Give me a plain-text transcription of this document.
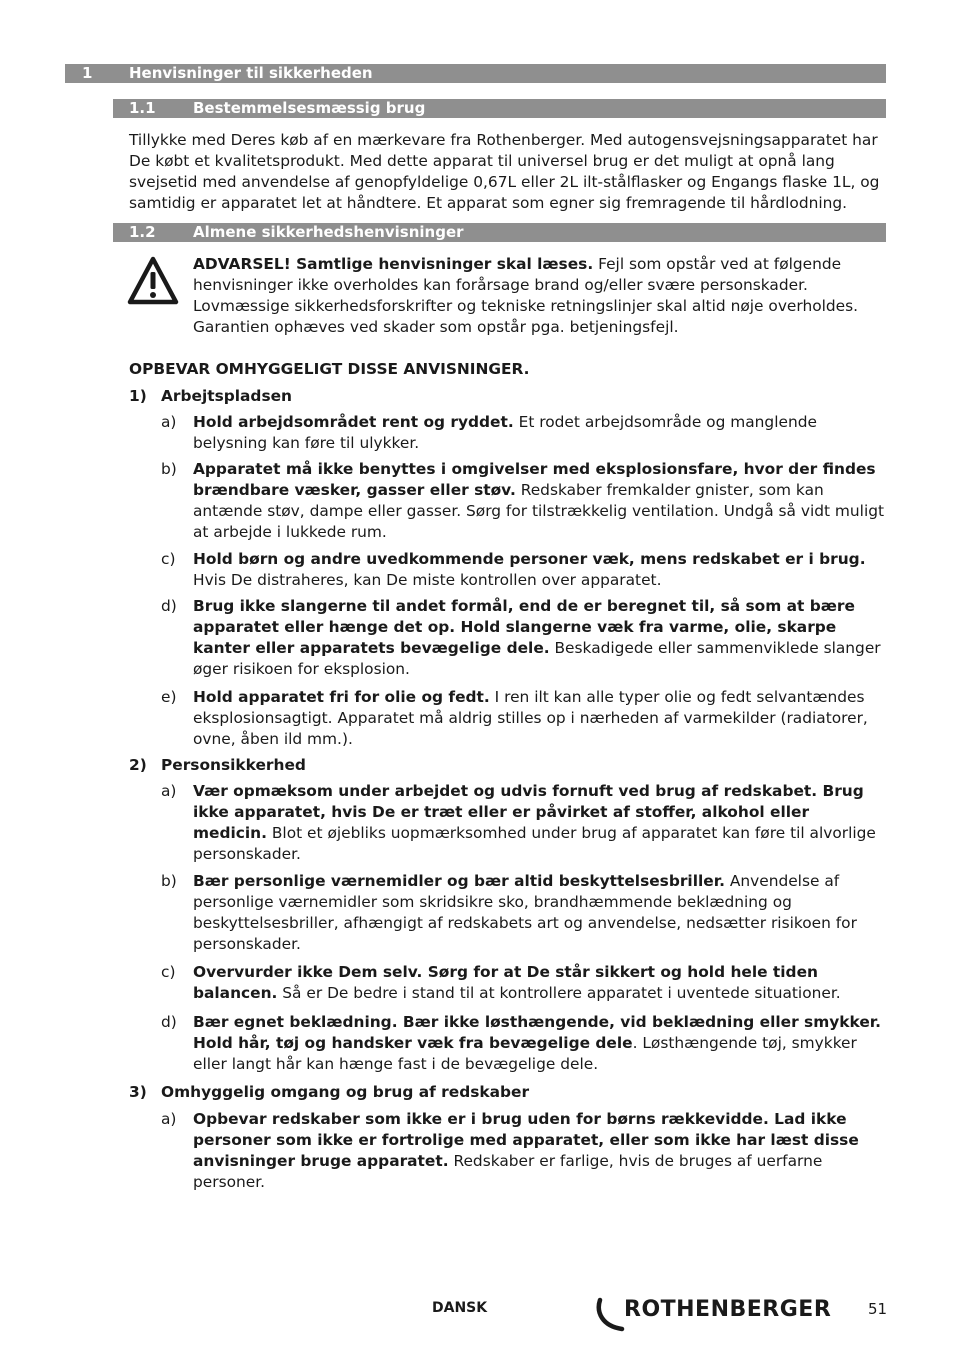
1 Henvisninger til sikkerheden
1.1 Bestemmelsesmæssig brug
Tillykke med Deres køb af en mærkevare fra Rothenberger. Med autogensvejsningsapparatet har De købt et kvalitetsprodukt. Med dette apparat til universel brug er det muligt at opnå lang svejsetid med anvendelse af genopfyldelige 0,67L eller 2L ilt-stålflasker og Engangs flaske 1L, og samtidig er apparatet let at håndtere. Et apparat som egner sig fremragende til hårdlodning.
1.2 Almene sikkerhedshenvisninger
ADVARSEL! Samtlige henvisninger skal læses. Fejl som opstår ved at følgende henvisninger ikke overholdes kan forårsage brand og/eller svære personskader. Lovmæssige sikkerhedsforskrifter og tekniske retningslinjer skal altid nøje overholdes. Garantien ophæves ved skader som opstår pga. betjeningsfejl.
OPBEVAR OMHYGGELIGT DISSE ANVISNINGER.
1) Arbejtspladsen
a) Hold arbejdsområdet rent og ryddet. Et rodet arbejdsområde og manglende belysning kan føre til ulykker.
b) Apparatet må ikke benyttes i omgivelser med eksplosionsfare, hvor der findes brændbare væsker, gasser eller støv. Redskaber fremkalder gnister, som kan antænde støv, dampe eller gasser. Sørg for tilstrækkelig ventilation. Undgå så vidt muligt at arbejde i lukkede rum.
c) Hold børn og andre uvedkommende personer væk, mens redskabet er i brug. Hvis De distraheres, kan De miste kontrollen over apparatet.
d) Brug ikke slangerne til andet formål, end de er beregnet til, så som at bære apparatet eller hænge det op. Hold slangerne væk fra varme, olie, skarpe kanter eller apparatets bevægelige dele. Beskadigede eller sammenviklede slanger øger risikoen for eksplosion.
e) Hold apparatet fri for olie og fedt. I ren ilt kan alle typer olie og fedt selvantændes eksplosionsagtigt. Apparatet må aldrig stilles op i nærheden af varmekilder (radiatorer, ovne, åben ild mm.).
2) Personsikkerhed
a) Vær opmæksom under arbejdet og udvis fornuft ved brug af redskabet. Brug ikke apparatet, hvis De er træt eller er påvirket af stoffer, alkohol eller medicin. Blot et øjebliks uopmærksomhed under brug af apparatet kan føre til alvorlige personskader.
b) Bær personlige værnemidler og bær altid beskyttelsesbriller. Anvendelse af personlige værnemidler som skridsikre sko, brandhæmmende beklædning og beskyttelsesbriller, afhængigt af redskabets art og anvendelse, nedsætter risikoen for personskader.
c) Overvurder ikke Dem selv. Sørg for at De står sikkert og hold hele tiden balancen. Så er De bedre i stand til at kontrollere apparatet i uventede situationer.
d) Bær egnet beklædning. Bær ikke løsthængende, vid beklædning eller smykker. Hold hår, tøj og handsker væk fra bevægelige dele. Løsthængende tøj, smykker eller langt hår kan hænge fast i de bevægelige dele.
3) Omhyggelig omgang og brug af redskaber
a) Opbevar redskaber som ikke er i brug uden for børns rækkevidde. Lad ikke personer som ikke er fortrolige med apparatet, eller som ikke har læst disse anvisninger bruge apparatet. Redskaber er farlige, hvis de bruges af uerfarne personer.
DANSK	ROTHENBERGER 51
